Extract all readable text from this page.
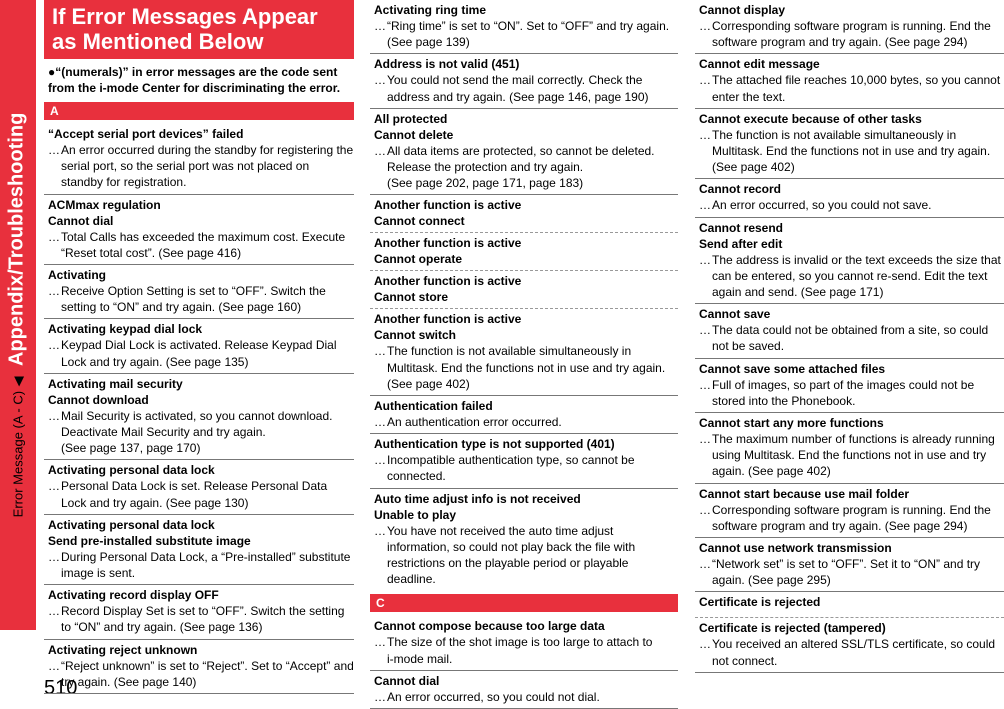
Error Message (A - C) ◀ Appendix/Troubleshooting
510
If Error Messages Appear as Mentioned Below
●“(numerals)” in error messages are the code sent from the i-mode Center for discriminating the error.
A
“Accept serial port devices” failed
… An error occurred during the standby for registering the serial port, so the serial port was not placed on standby for registration.
ACMmax regulation
Cannot dial
… Total Calls has exceeded the maximum cost. Execute “Reset total cost”. (See page 416)
Activating
… Receive Option Setting is set to “OFF”. Switch the setting to “ON” and try again. (See page 160)
Activating keypad dial lock
… Keypad Dial Lock is activated. Release Keypad Dial Lock and try again. (See page 135)
Activating mail security
Cannot download
… Mail Security is activated, so you cannot download. Deactivate Mail Security and try again.
(See page 137, page 170)
Activating personal data lock
… Personal Data Lock is set. Release Personal Data Lock and try again. (See page 130)
Activating personal data lock
Send pre-installed substitute image
… During Personal Data Lock, a “Pre-installed” substitute image is sent.
Activating record display OFF
… Record Display Set is set to “OFF”. Switch the setting to “ON” and try again. (See page 136)
Activating reject unknown
… “Reject unknown” is set to “Reject”. Set to “Accept” and try again. (See page 140)
Activating ring time
… “Ring time” is set to “ON”. Set to “OFF” and try again. (See page 139)
Address is not valid (451)
… You could not send the mail correctly. Check the address and try again. (See page 146, page 190)
All protected
Cannot delete
… All data items are protected, so cannot be deleted. Release the protection and try again.
(See page 202, page 171, page 183)
Another function is active
Cannot connect
Another function is active
Cannot operate
Another function is active
Cannot store
Another function is active
Cannot switch
… The function is not available simultaneously in Multitask. End the functions not in use and try again. (See page 402)
Authentication failed
… An authentication error occurred.
Authentication type is not supported (401)
… Incompatible authentication type, so cannot be connected.
Auto time adjust info is not received
Unable to play
… You have not received the auto time adjust information, so could not play back the file with restrictions on the playable period or playable deadline.
C
Cannot compose because too large data
… The size of the shot image is too large to attach to
i-mode mail.
Cannot dial
… An error occurred, so you could not dial.
Cannot display
… Corresponding software program is running. End the software program and try again. (See page 294)
Cannot edit message
… The attached file reaches 10,000 bytes, so you cannot enter the text.
Cannot execute because of other tasks
… The function is not available simultaneously in Multitask. End the functions not in use and try again. (See page 402)
Cannot record
… An error occurred, so you could not save.
Cannot resend
Send after edit
… The address is invalid or the text exceeds the size that can be entered, so you cannot re-send. Edit the text again and send. (See page 171)
Cannot save
… The data could not be obtained from a site, so could not be saved.
Cannot save some attached files
… Full of images, so part of the images could not be stored into the Phonebook.
Cannot start any more functions
… The maximum number of functions is already running using Multitask. End the functions not in use and try again. (See page 402)
Cannot start because use mail folder
… Corresponding software program is running. End the software program and try again. (See page 294)
Cannot use network transmission
… “Network set” is set to “OFF”. Set it to “ON” and try again. (See page 295)
Certificate is rejected
Certificate is rejected (tampered)
… You received an altered SSL/TLS certificate, so could not connect.
